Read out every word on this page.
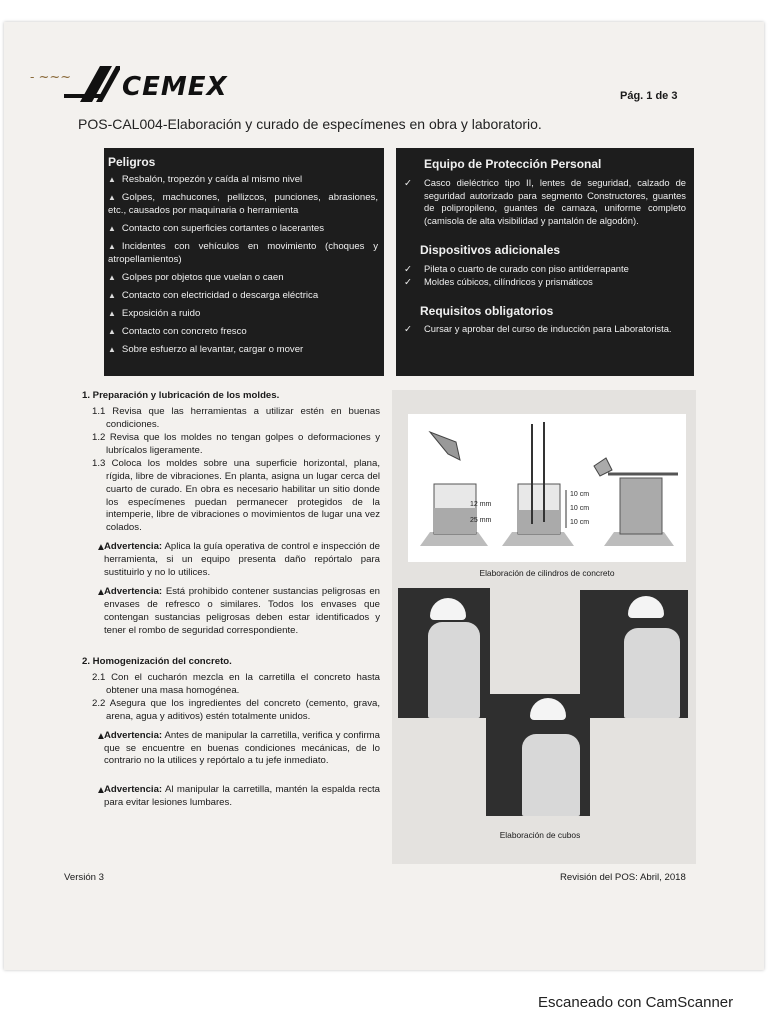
- ~~~ CEMEX	Pág. 1 de 3
POS-CAL004-Elaboración y curado de especímenes en obra y laboratorio.
Peligros
▲ Resbalón, tropezón y caída al mismo nivel
▲ Golpes, machucones, pellizcos, punciones, abrasiones, etc., causados por maquinaria o herramienta
▲ Contacto con superficies cortantes o lacerantes
▲ Incidentes con vehículos en movimiento (choques y atropellamientos)
▲ Golpes por objetos que vuelan o caen
▲ Contacto con electricidad o descarga eléctrica
▲ Exposición a ruido
▲ Contacto con concreto fresco
▲ Sobre esfuerzo al levantar, cargar o mover
Equipo de Protección Personal
✓ Casco dieléctrico tipo II, lentes de seguridad, calzado de seguridad autorizado para segmento Constructores, guantes de polipropileno, guantes de carnaza, uniforme completo (camisola de alta visibilidad y pantalón de algodón).
Dispositivos adicionales
✓ Pileta o cuarto de curado con piso antiderrapante
✓ Moldes cúbicos, cilíndricos y prismáticos
Requisitos obligatorios
✓ Cursar y aprobar del curso de inducción para Laboratorista.

1. Preparación y lubricación de los moldes.

1.1 Revisa que las herramientas a utilizar estén en buenas condiciones.

1.2 Revisa que los moldes no tengan golpes o deformaciones y lubrícalos ligeramente.

1.3 Coloca los moldes sobre una superficie horizontal, plana, rígida, libre de vibraciones. En planta, asigna un lugar cerca del cuarto de curado. En obra es necesario habilitar un sitio donde los especímenes puedan permanecer protegidos de la intemperie, libre de vibraciones o movimientos de lugar una vez colados.

▲
Advertencia: Aplica la guía operativa de control e inspección de herramienta, si un equipo presenta daño repórtalo para sustituirlo y no lo utilices.
▲
Advertencia: Está prohibido contener sustancias peligrosas en envases de refresco o similares. Todos los envases que contengan sustancias peligrosas deben estar identificados y tener el rombo de seguridad correspondiente.

2. Homogenización del concreto.

2.1 Con el cucharón mezcla en la carretilla el concreto hasta obtener una masa homogénea.

2.2 Asegura que los ingredientes del concreto (cemento, grava, arena, agua y aditivos) estén totalmente unidos.

▲
Advertencia: Antes de manipular la carretilla, verifica y confirma que se encuentre en buenas condiciones mecánicas, de lo contrario no la utilices y repórtalo a tu jefe inmediato.
▲
Advertencia: Al manipular la carretilla, mantén la espalda recta para evitar lesiones lumbares.
12 mm
25 mm
10 cm
10 cm
10 cm
Elaboración de cilindros de concreto
Elaboración de cubos
Versión 3	Revisión del POS: Abril, 2018
Escaneado con CamScanner
